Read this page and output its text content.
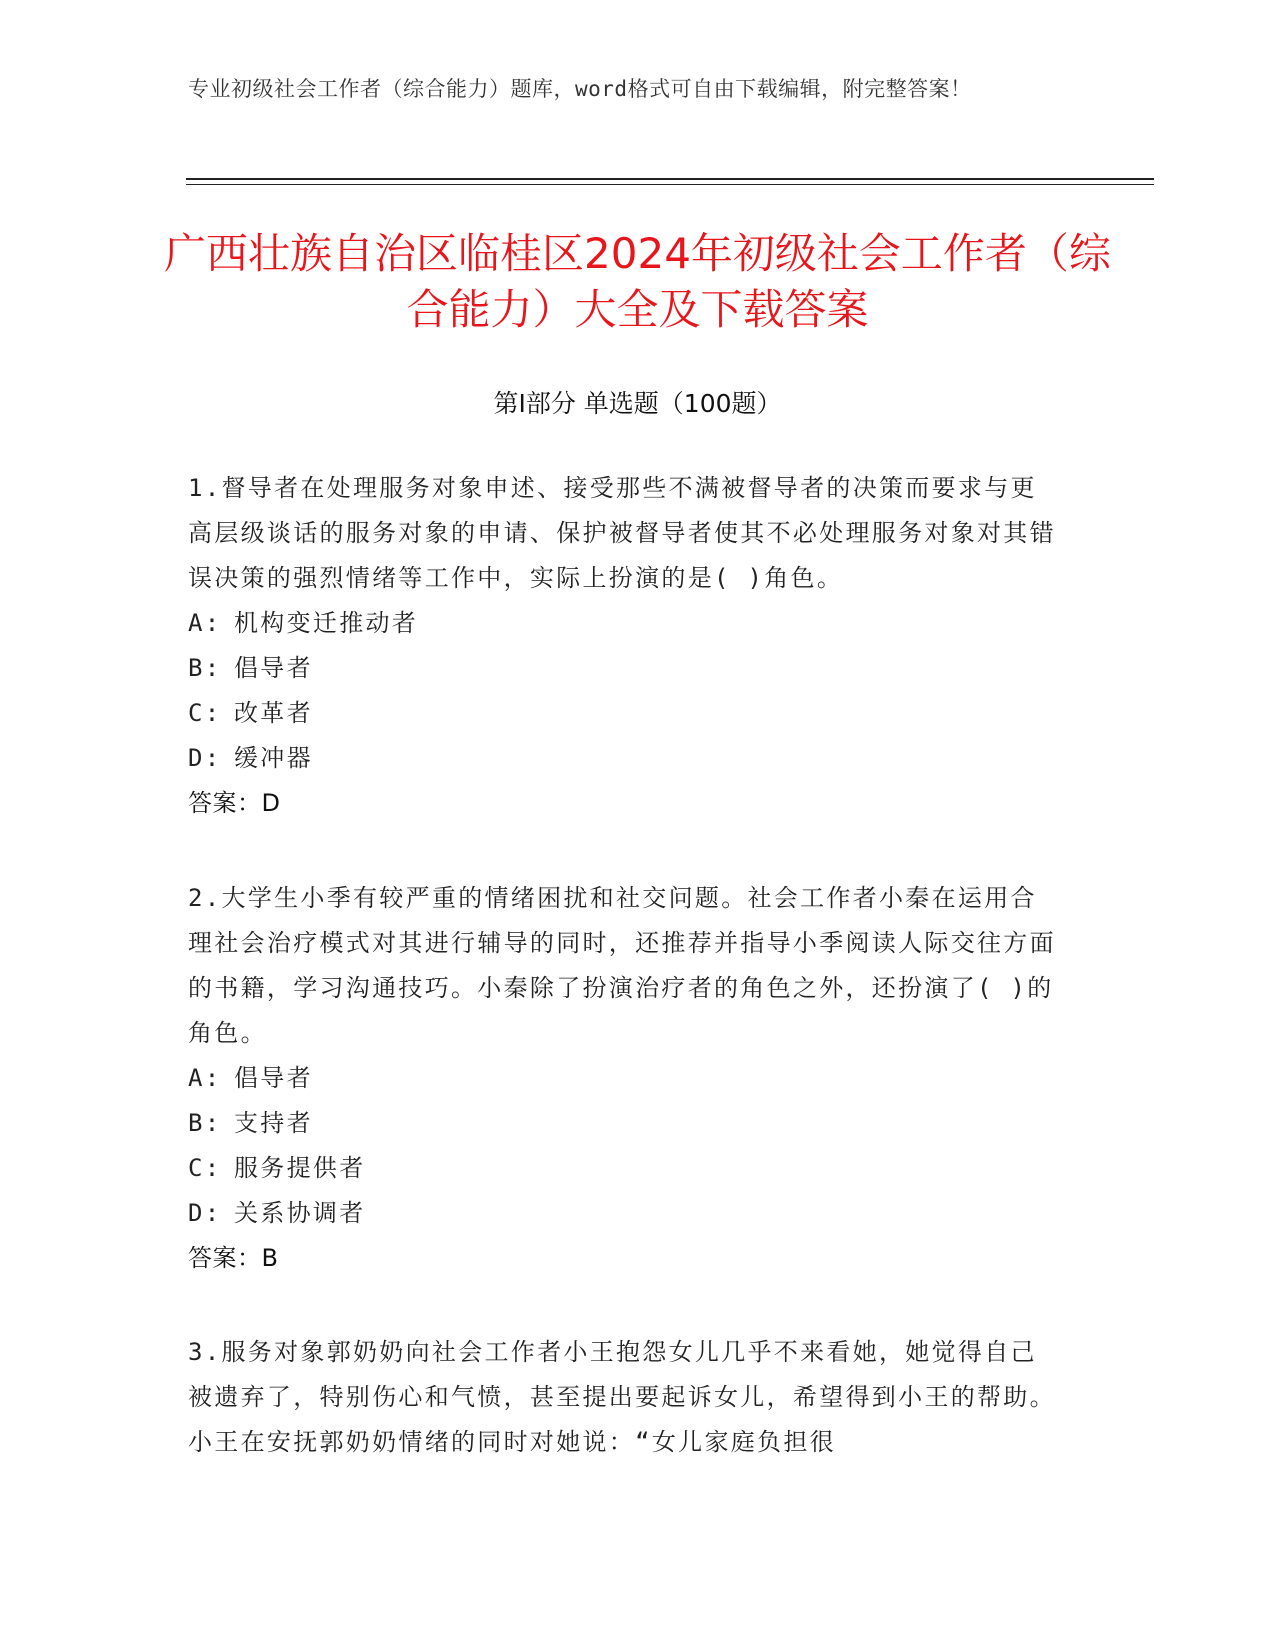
专业初级社会工作者（综合能力）题库，word格式可自由下载编辑，附完整答案！
广西壮族自治区临桂区2024年初级社会工作者（综合能力）大全及下载答案
第I部分 单选题（100题）
1.督导者在处理服务对象申述、接受那些不满被督导者的决策而要求与更高层级谈话的服务对象的申请、保护被督导者使其不必处理服务对象对其错误决策的强烈情绪等工作中，实际上扮演的是( )角色。
A: 机构变迁推动者
B: 倡导者
C: 改革者
D: 缓冲器
答案：D
2.大学生小季有较严重的情绪困扰和社交问题。社会工作者小秦在运用合理社会治疗模式对其进行辅导的同时，还推荐并指导小季阅读人际交往方面的书籍，学习沟通技巧。小秦除了扮演治疗者的角色之外，还扮演了( )的角色。
A: 倡导者
B: 支持者
C: 服务提供者
D: 关系协调者
答案：B
3.服务对象郭奶奶向社会工作者小王抱怨女儿几乎不来看她，她觉得自己被遗弃了，特别伤心和气愤，甚至提出要起诉女儿，希望得到小王的帮助。小王在安抚郭奶奶情绪的同时对她说：“女儿家庭负担很
